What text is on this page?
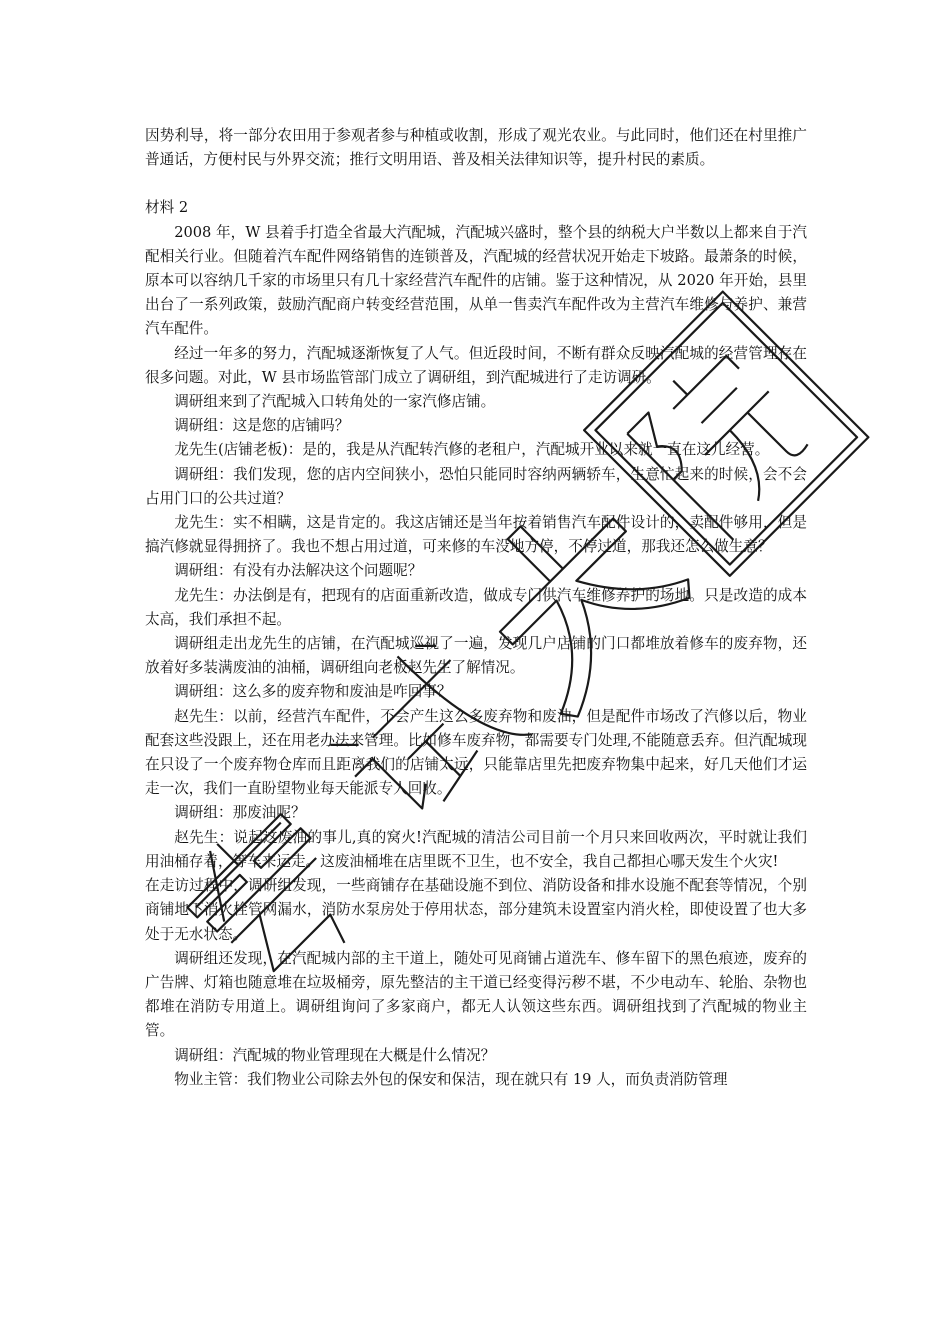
因势利导，将一部分农田用于参观者参与种植或收割，形成了观光农业。与此同时，他们还在村里推广普通话，方便村民与外界交流；推行文明用语、普及相关法律知识等，提升村民的素质。

材料 2

2008 年，W 县着手打造全省最大汽配城，汽配城兴盛时，整个县的纳税大户半数以上都来自于汽配相关行业。但随着汽车配件网络销售的连锁普及，汽配城的经营状况开始走下坡路。最萧条的时候，原本可以容纳几千家的市场里只有几十家经营汽车配件的店铺。鉴于这种情况，从 2020 年开始，县里出台了一系列政策，鼓励汽配商户转变经营范围，从单一售卖汽车配件改为主营汽车维修与养护、兼营汽车配件。

经过一年多的努力，汽配城逐渐恢复了人气。但近段时间，不断有群众反映汽配城的经营管理存在很多问题。对此，W 县市场监管部门成立了调研组，到汽配城进行了走访调研。

调研组来到了汽配城入口转角处的一家汽修店铺。

调研组：这是您的店铺吗？

龙先生(店铺老板)：是的，我是从汽配转汽修的老租户，汽配城开业以来就一直在这儿经营。

调研组：我们发现，您的店内空间狭小，恐怕只能同时容纳两辆轿车，生意忙起来的时候，会不会占用门口的公共过道？

龙先生：实不相瞒，这是肯定的。我这店铺还是当年按着销售汽车配件设计的，卖配件够用，但是搞汽修就显得拥挤了。我也不想占用过道，可来修的车没地方停，不停过道，那我还怎么做生意？

调研组：有没有办法解决这个问题呢？

龙先生：办法倒是有，把现有的店面重新改造，做成专门供汽车维修养护的场地。只是改造的成本太高，我们承担不起。

调研组走出龙先生的店铺，在汽配城巡视了一遍，发现几户店铺的门口都堆放着修车的废弃物，还放着好多装满废油的油桶，调研组向老板赵先生了解情况。

调研组：这么多的废弃物和废油是咋回事？

赵先生：以前，经营汽车配件，不会产生这么多废弃物和废油，但是配件市场改了汽修以后，物业配套这些没跟上，还在用老办法来管理。比如修车废弃物，都需要专门处理,不能随意丢弃。但汽配城现在只设了一个废弃物仓库而且距离我们的店铺太远，只能靠店里先把废弃物集中起来，好几天他们才运走一次，我们一直盼望物业每天能派专人回收。

调研组：那废油呢？

赵先生：说起这废油的事儿,真的窝火!汽配城的清洁公司目前一个月只来回收两次，平时就让我们用油桶存着，等车来运走。这废油桶堆在店里既不卫生，也不安全，我自己都担心哪天发生个火灾!

在走访过程中，调研组发现，一些商铺存在基础设施不到位、消防设备和排水设施不配套等情况，个别商铺地下消火栓管网漏水，消防水泵房处于停用状态，部分建筑未设置室内消火栓，即使设置了也大多处于无水状态。

调研组还发现，在汽配城内部的主干道上，随处可见商铺占道洗车、修车留下的黑色痕迹，废弃的广告牌、灯箱也随意堆在垃圾桶旁，原先整洁的主干道已经变得污秽不堪，不少电动车、轮胎、杂物也都堆在消防专用道上。调研组询问了多家商户，都无人认领这些东西。调研组找到了汽配城的物业主管。

调研组：汽配城的物业管理现在大概是什么情况？

物业主管：我们物业公司除去外包的保安和保洁，现在就只有 19 人，而负责消防管理
